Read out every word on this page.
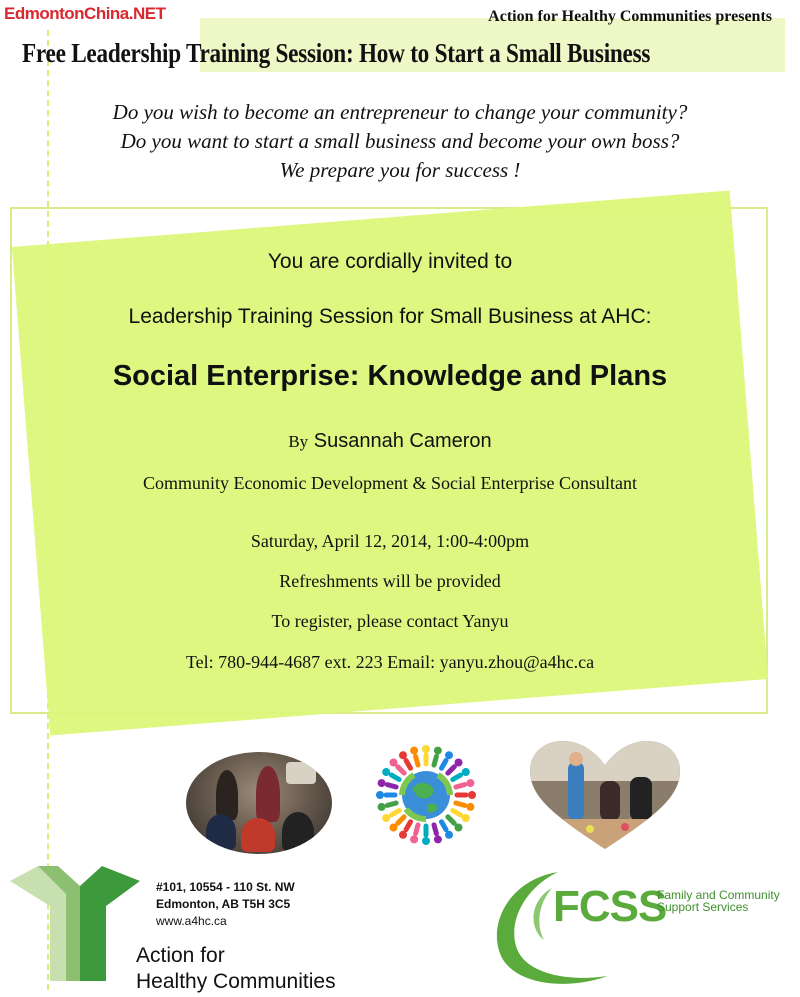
EdmontonChina.NET	Action for Healthy Communities presents
Free Leadership Training Session: How to Start a Small Business
Do you wish to become an entrepreneur to change your community?
Do you want to start a small business and become your own boss?
We prepare you for success !
You are cordially invited to
Leadership Training Session for Small Business at AHC:
Social Enterprise: Knowledge and Plans
By Susannah Cameron
Community Economic Development & Social Enterprise Consultant
Saturday, April 12, 2014, 1:00-4:00pm
Refreshments will be provided
To register, please contact Yanyu
Tel: 780-944-4687 ext. 223 Email: yanyu.zhou@a4hc.ca
#101, 10554 - 110 St. NW
Edmonton, AB T5H 3C5
www.a4hc.ca
Action for
Healthy Communities
FCSS
Family and Community
Support Services
